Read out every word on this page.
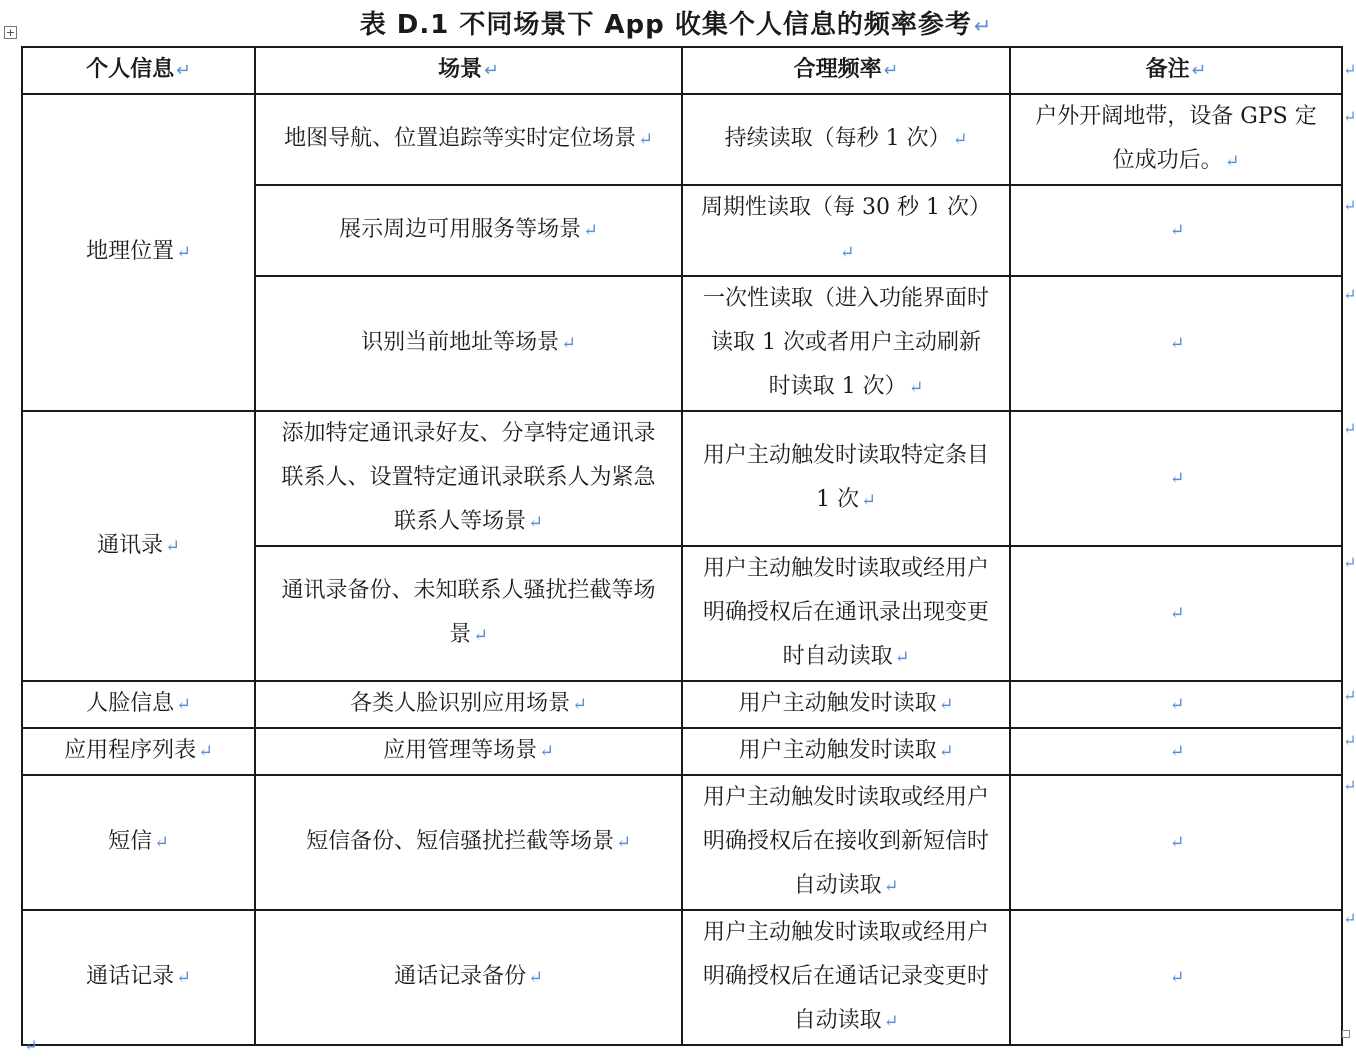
+	表 D.1 不同场景下 App 收集个人信息的频率参考↵
个人信息 ↵	场景 ↵	合理频率 ↵	备注 ↵
地理位置 ↵	地图导航、位置追踪等实时定位场景 ↵	持续读取（每秒 1 次） ↵	户外开阔地带，设备 GPS 定位成功后。 ↵
	展示周边可用服务等场景 ↵	周期性读取（每 30 秒 1 次）↵	↵
	识别当前地址等场景 ↵	一次性读取（进入功能界面时读取 1 次或者用户主动刷新时读取 1 次） ↵	↵
通讯录 ↵	添加特定通讯录好友、分享特定通讯录联系人、设置特定通讯录联系人为紧急联系人等场景 ↵	用户主动触发时读取特定条目 1 次 ↵	↵
	通讯录备份、未知联系人骚扰拦截等场景 ↵	用户主动触发时读取或经用户明确授权后在通讯录出现变更时自动读取 ↵	↵
人脸信息 ↵	各类人脸识别应用场景 ↵	用户主动触发时读取 ↵	↵
应用程序列表 ↵	应用管理等场景 ↵	用户主动触发时读取 ↵	↵
短信 ↵	短信备份、短信骚扰拦截等场景 ↵	用户主动触发时读取或经用户明确授权后在接收到新短信时自动读取 ↵	↵
通话记录 ↵	通话记录备份 ↵	用户主动触发时读取或经用户明确授权后在通话记录变更时自动读取 ↵	↵
↵
↵
↵
↵
↵
↵
↵
↵
↵
↵
↵
